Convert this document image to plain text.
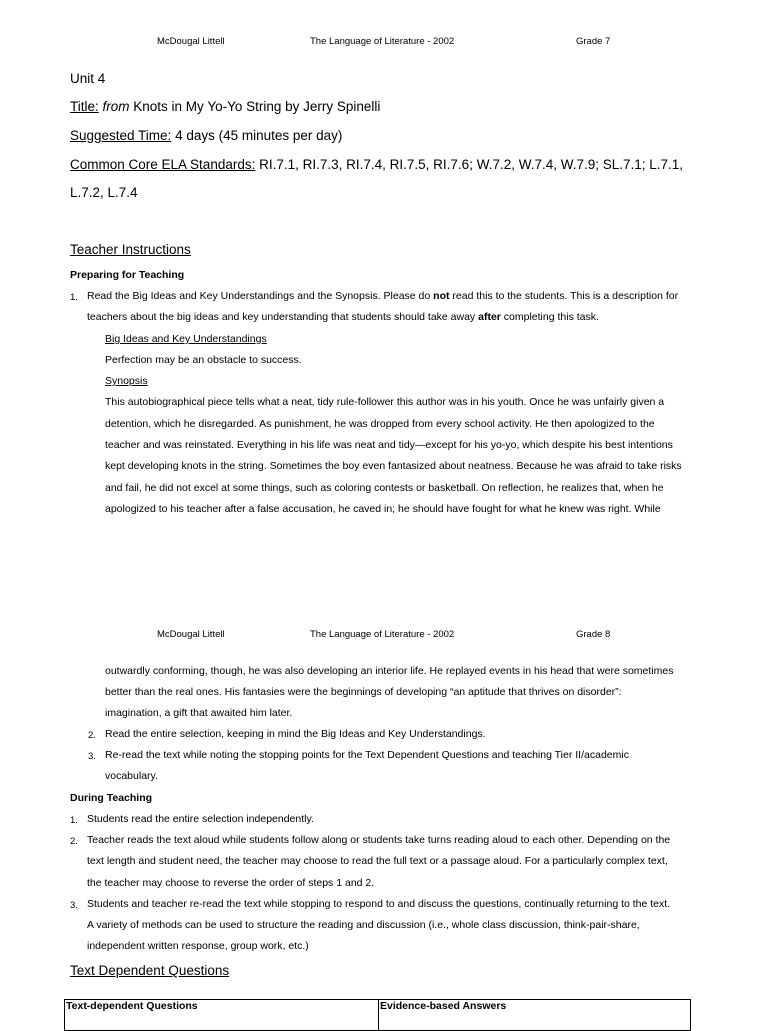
McDougal Littell	The Language of Literature - 2002	Grade 7
Unit 4
Title: from Knots in My Yo-Yo String by Jerry Spinelli
Suggested Time: 4 days (45 minutes per day)
Common Core ELA Standards: RI.7.1, RI.7.3, RI.7.4, RI.7.5, RI.7.6; W.7.2, W.7.4, W.7.9; SL.7.1; L.7.1,
L.7.2, L.7.4
Teacher Instructions
Preparing for Teaching
1. Read the Big Ideas and Key Understandings and the Synopsis. Please do not read this to the students. This is a description for
teachers about the big ideas and key understanding that students should take away after completing this task.
Big Ideas and Key Understandings
Perfection may be an obstacle to success.
Synopsis
This autobiographical piece tells what a neat, tidy rule-follower this author was in his youth. Once he was unfairly given a
detention, which he disregarded. As punishment, he was dropped from every school activity. He then apologized to the
teacher and was reinstated. Everything in his life was neat and tidy—except for his yo-yo, which despite his best intentions
kept developing knots in the string. Sometimes the boy even fantasized about neatness. Because he was afraid to take risks
and fail, he did not excel at some things, such as coloring contests or basketball. On reflection, he realizes that, when he
apologized to his teacher after a false accusation, he caved in; he should have fought for what he knew was right. While
McDougal Littell	The Language of Literature - 2002	Grade 8
outwardly conforming, though, he was also developing an interior life. He replayed events in his head that were sometimes
better than the real ones. His fantasies were the beginnings of developing “an aptitude that thrives on disorder”:
imagination, a gift that awaited him later.
2. Read the entire selection, keeping in mind the Big Ideas and Key Understandings.
3. Re-read the text while noting the stopping points for the Text Dependent Questions and teaching Tier II/academic
vocabulary.
During Teaching
1. Students read the entire selection independently.
2. Teacher reads the text aloud while students follow along or students take turns reading aloud to each other. Depending on the
text length and student need, the teacher may choose to read the full text or a passage aloud. For a particularly complex text,
the teacher may choose to reverse the order of steps 1 and 2.
3. Students and teacher re-read the text while stopping to respond to and discuss the questions, continually returning to the text.
A variety of methods can be used to structure the reading and discussion (i.e., whole class discussion, think-pair-share,
independent written response, group work, etc.)
Text Dependent Questions
Text-dependent Questions	Evidence-based Answers
